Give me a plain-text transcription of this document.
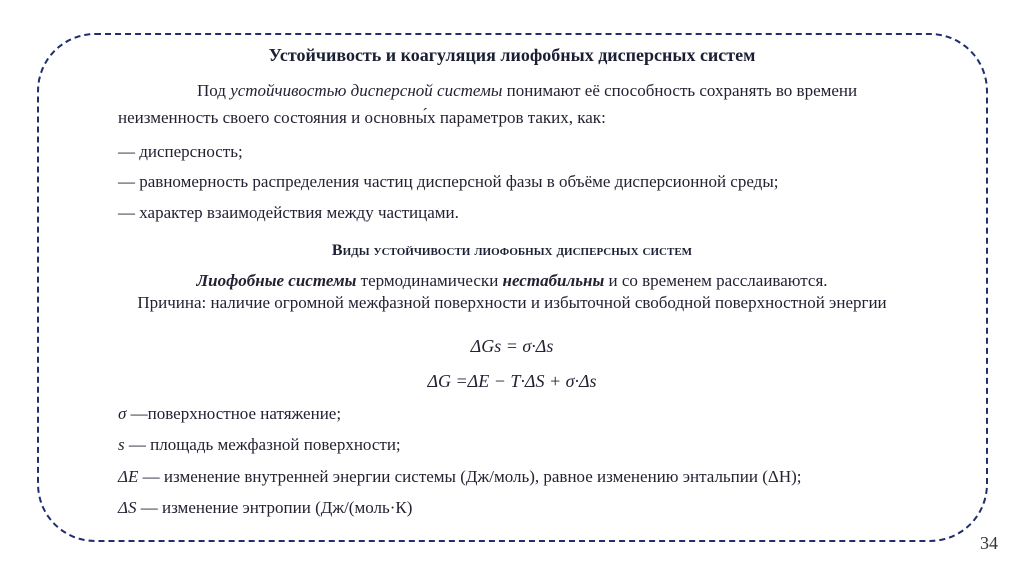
Устойчивость и коагуляция лиофобных дисперсных систем
Под устойчивостью дисперсной системы понимают её способность сохранять во времени
неизменность своего состояния и основны́х параметров таких, как:
— дисперсность;
— равномерность распределения частиц дисперсной фазы в объёме дисперсионной среды;
— характер взаимодействия между частицами.
Виды устойчивости лиофобных дисперсных систем
Лиофобные системы термодинамически нестабильны и со временем расслаиваются.
Причина: наличие огромной межфазной поверхности и избыточной свободной поверхностной энергии
ΔGs = σ·Δs
ΔG =ΔE − T·ΔS + σ·Δs
σ —поверхностное натяжение;
s — площадь межфазной поверхности;
ΔE — изменение внутренней энергии системы (Дж/моль), равное изменению энтальпии (ΔH);
ΔS — изменение энтропии (Дж/(моль·К)
34
